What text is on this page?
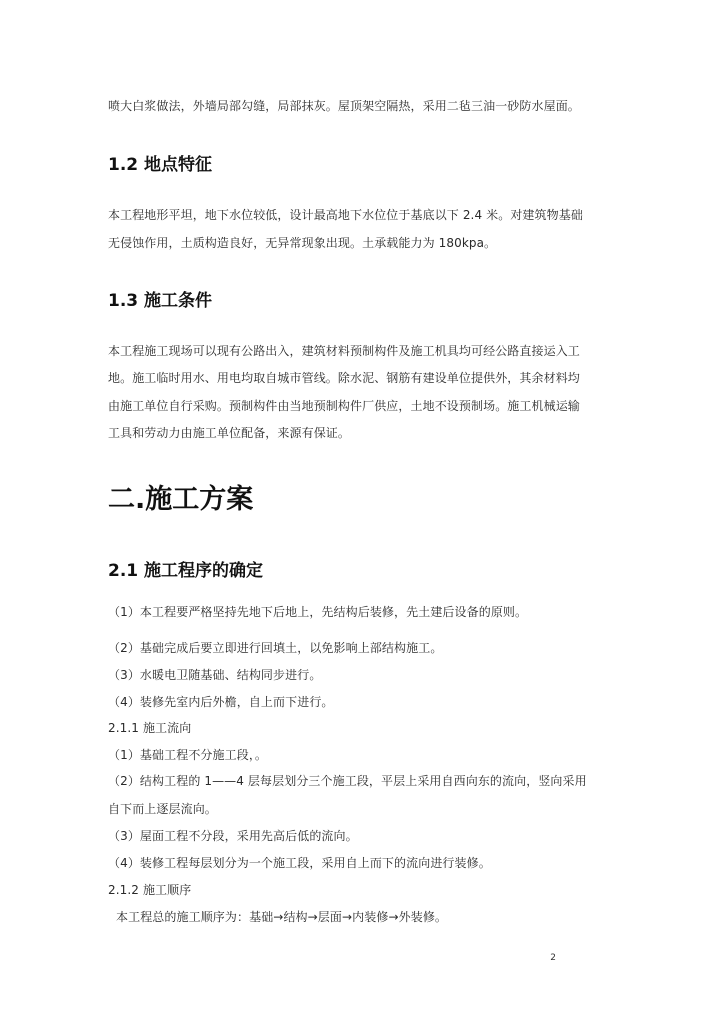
喷大白浆做法，外墙局部勾缝，局部抹灰。屋顶架空隔热，采用二毡三油一砂防水屋面。
1.2 地点特征
本工程地形平坦，地下水位较低，设计最高地下水位位于基底以下 2.4 米。对建筑物基础
无侵蚀作用，土质构造良好，无异常现象出现。土承载能力为 180kpa。
1.3 施工条件
本工程施工现场可以现有公路出入，建筑材料预制构件及施工机具均可经公路直接运入工
地。施工临时用水、用电均取自城市管线。除水泥、钢筋有建设单位提供外，其余材料均
由施工单位自行采购。预制构件由当地预制构件厂供应，土地不设预制场。施工机械运输
工具和劳动力由施工单位配备，来源有保证。
二.施工方案
2.1 施工程序的确定
（1）本工程要严格坚持先地下后地上，先结构后装修，先土建后设备的原则。
（2）基础完成后要立即进行回填土，以免影响上部结构施工。
（3）水暖电卫随基础、结构同步进行。
（4）装修先室内后外檐，自上而下进行。
2.1.1 施工流向
（1）基础工程不分施工段，。
（2）结构工程的 1——4 层每层划分三个施工段，平层上采用自西向东的流向，竖向采用
自下而上逐层流向。
（3）屋面工程不分段，采用先高后低的流向。
（4）装修工程每层划分为一个施工段，采用自上而下的流向进行装修。
2.1.2 施工顺序
本工程总的施工顺序为：基础→结构→层面→内装修→外装修。
2
